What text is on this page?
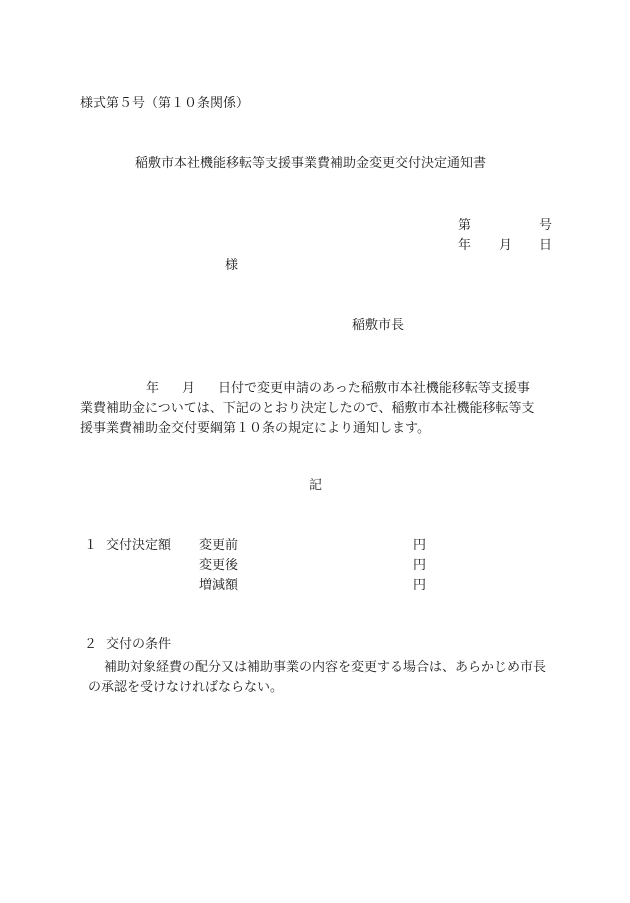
様式第５号（第１０条関係）
稲敷市本社機能移転等支援事業費補助金変更交付決定通知書
第	号
年 月 日
様
稲敷市長
年 月 日付で変更申請のあった稲敷市本社機能移転等支援事
業費補助金については、下記のとおり決定したので、稲敷市本社機能移転等支
援事業費補助金交付要綱第１０条の規定により通知します。
記
１ 交付決定額 変更前	円
変更後	円
増減額	円
２ 交付の条件
補助対象経費の配分又は補助事業の内容を変更する場合は、あらかじめ市長
の承認を受けなければならない。
